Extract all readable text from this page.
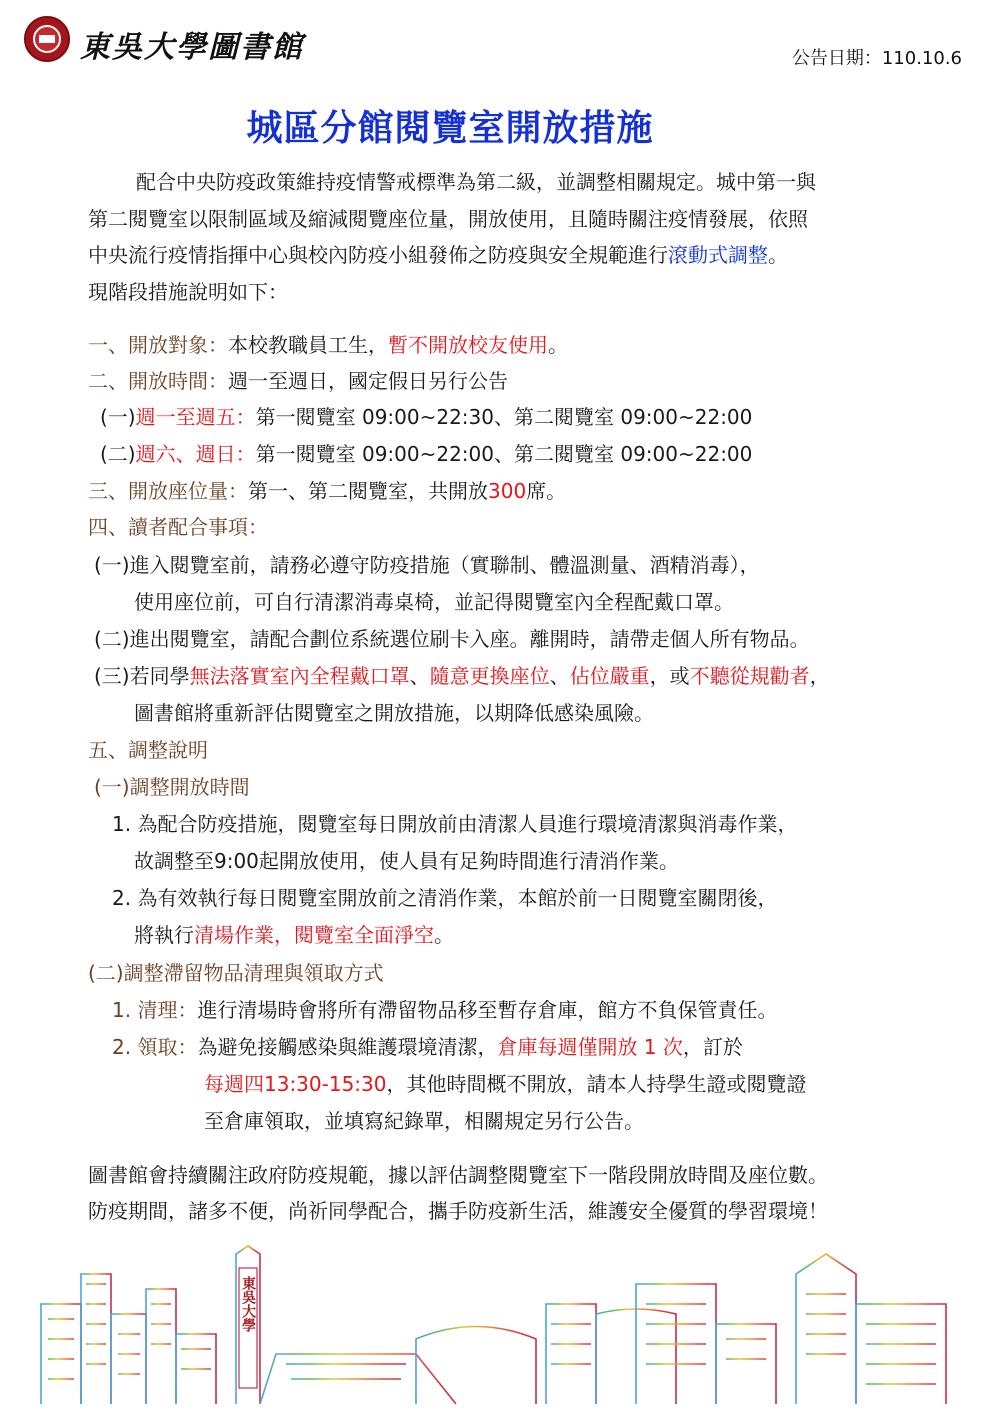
東吳大學圖書館	公告日期：110.10.6
城區分館閱覽室開放措施
配合中央防疫政策維持疫情警戒標準為第二級，並調整相關規定。城中第一與
第二閱覽室以限制區域及縮減閱覽座位量，開放使用，且隨時關注疫情發展，依照
中央流行疫情指揮中心與校內防疫小組發佈之防疫與安全規範進行滾動式調整。
現階段措施說明如下：
一、開放對象：本校教職員工生，暫不開放校友使用。
二、開放時間：週一至週日，國定假日另行公告
(一)週一至週五：第一閱覽室 09:00~22:30、第二閱覽室 09:00~22:00
(二)週六、週日：第一閱覽室 09:00~22:00、第二閱覽室 09:00~22:00
三、開放座位量：第一、第二閱覽室，共開放300席。
四、讀者配合事項：
(一)進入閱覽室前，請務必遵守防疫措施（實聯制、體溫測量、酒精消毒），
使用座位前，可自行清潔消毒桌椅，並記得閱覽室內全程配戴口罩。
(二)進出閱覽室，請配合劃位系統選位刷卡入座。離開時，請帶走個人所有物品。
(三)若同學無法落實室內全程戴口罩、隨意更換座位、佔位嚴重，或不聽從規勸者，
圖書館將重新評估閱覽室之開放措施，以期降低感染風險。
五、調整說明
(一)調整開放時間
1. 為配合防疫措施，閱覽室每日開放前由清潔人員進行環境清潔與消毒作業，
故調整至9:00起開放使用，使人員有足夠時間進行清消作業。
2. 為有效執行每日閱覽室開放前之清消作業，本館於前一日閱覽室關閉後，
將執行清場作業，閱覽室全面淨空。
(二)調整滯留物品清理與領取方式
1. 清理：進行清場時會將所有滯留物品移至暫存倉庫，館方不負保管責任。
2. 領取：為避免接觸感染與維護環境清潔，倉庫每週僅開放 1 次，訂於
每週四13:30-15:30，其他時間概不開放，請本人持學生證或閱覽證
至倉庫領取，並填寫紀錄單，相關規定另行公告。
圖書館會持續關注政府防疫規範，據以評估調整閱覽室下一階段開放時間及座位數。
防疫期間，諸多不便，尚祈同學配合，攜手防疫新生活，維護安全優質的學習環境！
東吳大學
